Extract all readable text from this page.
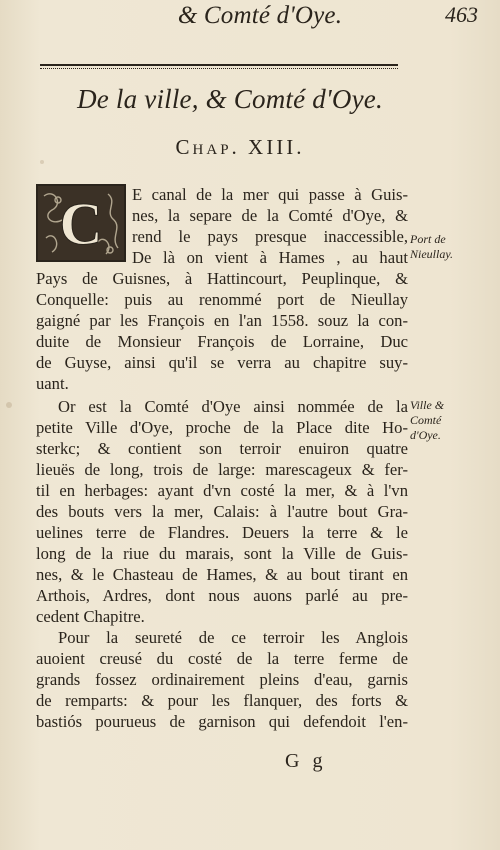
& Comté d'Oye.	463
De la ville, & Comté d'Oye.
Chap. XIII.
C E canal de la mer qui passe à Guis-
nes, la separe de la Comté d'Oye, &
rend le pays presque inaccessible,
De là on vient à Hames , au haut
Pays de Guisnes, à Hattincourt, Peuplinque, &
Conquelle: puis au renommé port de Nieullay
gaigné par les François en l'an 1558. souz la con-
duite de Monsieur François de Lorraine, Duc
de Guyse, ainsi qu'il se verra au chapitre suy-
uant.
Or est la Comté d'Oye ainsi nommée de la
petite Ville d'Oye, proche de la Place dite Ho-
sterkc; & contient son terroir enuiron quatre
lieuës de long, trois de large: marescageux & fer-
til en herbages: ayant d'vn costé la mer, & à l'vn
des bouts vers la mer, Calais: à l'autre bout Gra-
uelines terre de Flandres. Deuers la terre & le
long de la riue du marais, sont la Ville de Guis-
nes, & le Chasteau de Hames, & au bout tirant en
Arthois, Ardres, dont nous auons parlé au pre-
cedent Chapitre.
Pour la seureté de ce terroir les Anglois
auoient creusé du costé de la terre ferme de
grands fossez ordinairement pleins d'eau, garnis
de remparts: & pour les flanquer, des forts &
bastiós pourueus de garnison qui defendoit l'en-
Port de
Nieullay.
Ville &
Comté
d'Oye.
G g
